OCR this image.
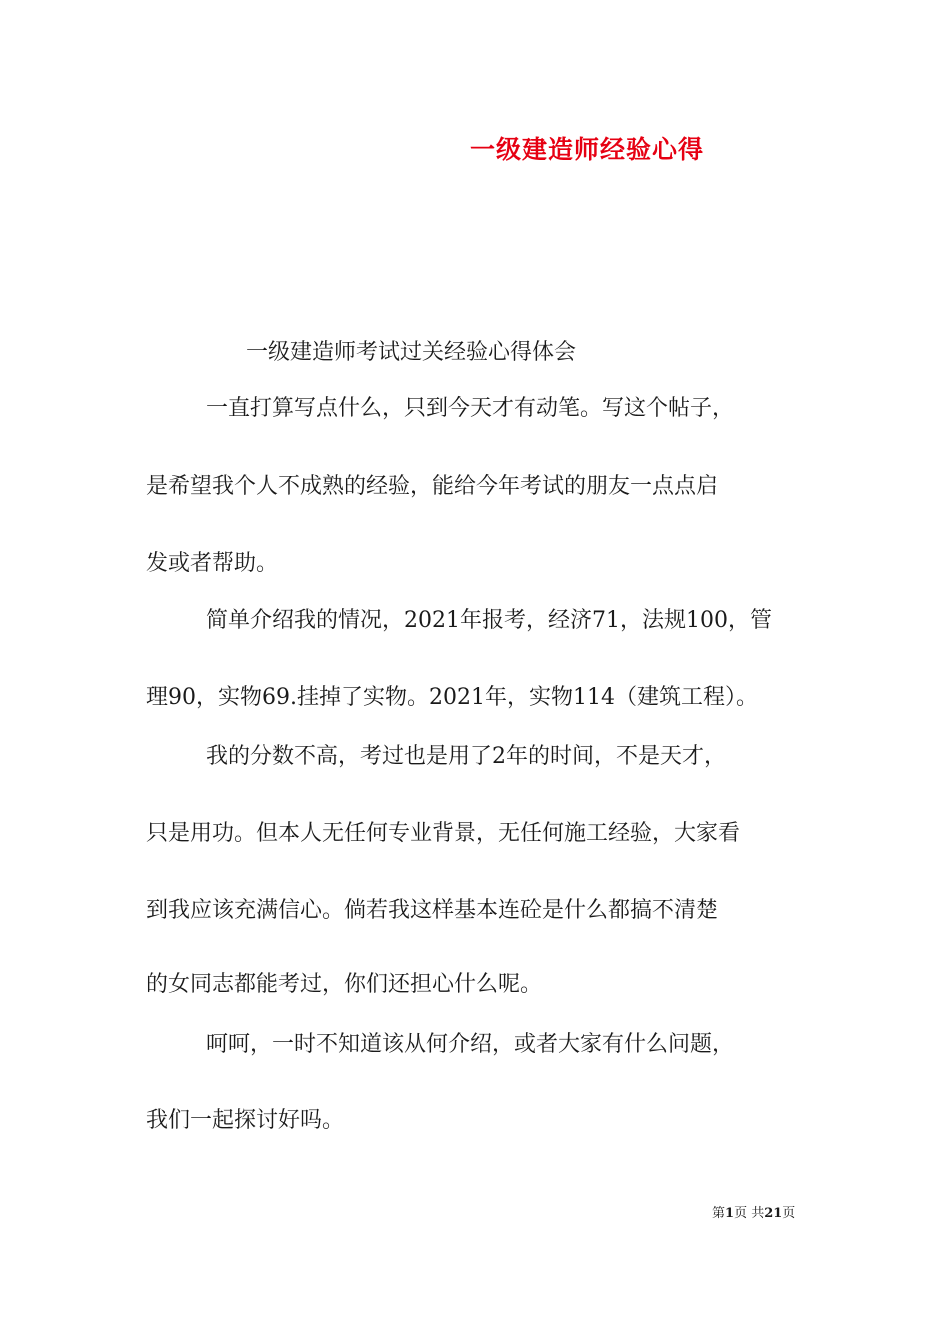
一级建造师经验心得
一级建造师考试过关经验心得体会
一直打算写点什么，只到今天才有动笔。写这个帖子，
是希望我个人不成熟的经验，能给今年考试的朋友一点点启
发或者帮助。
简单介绍我的情况，2021年报考，经济71，法规100，管
理90，实物69.挂掉了实物。2021年，实物114（建筑工程）。
我的分数不高，考过也是用了2年的时间，不是天才，
只是用功。但本人无任何专业背景，无任何施工经验，大家看
到我应该充满信心。倘若我这样基本连砼是什么都搞不清楚
的女同志都能考过，你们还担心什么呢。
呵呵，一时不知道该从何介绍，或者大家有什么问题，
我们一起探讨好吗。
第1页 共21页
